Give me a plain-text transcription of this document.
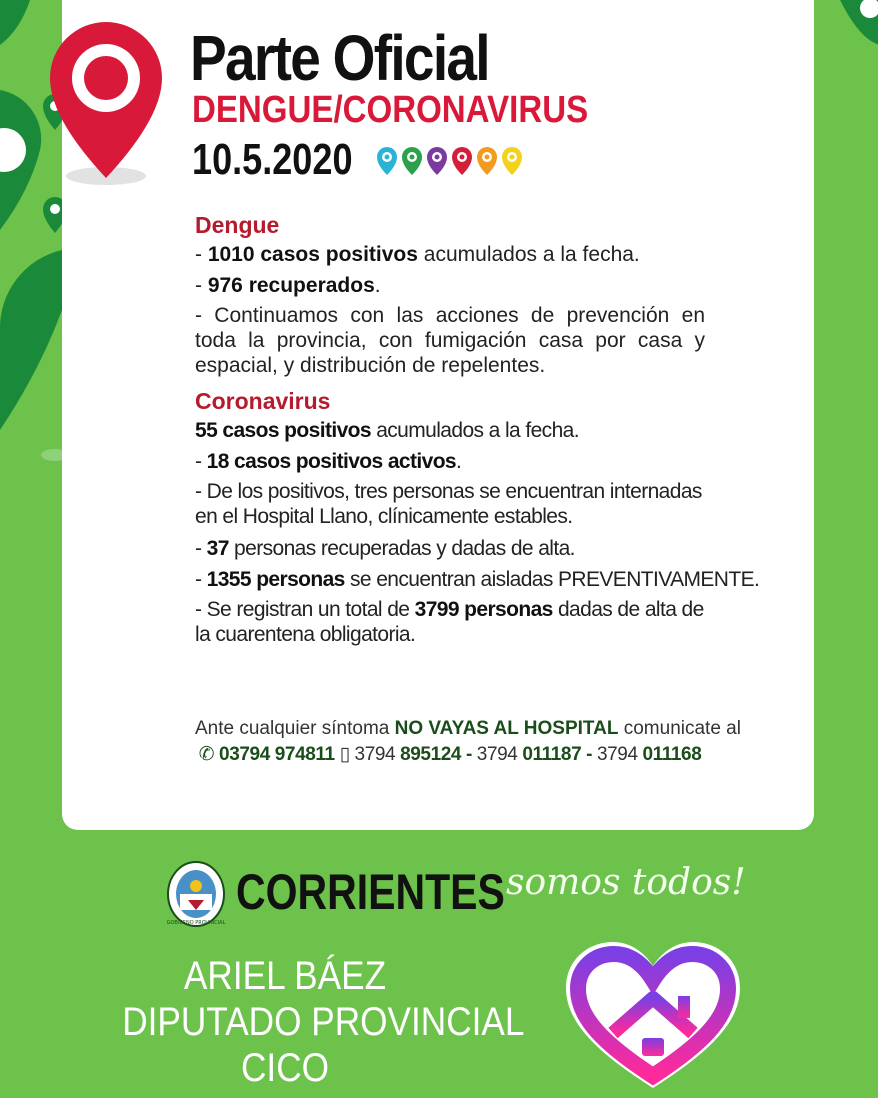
Parte Oficial
DENGUE/CORONAVIRUS
10.5.2020
Dengue
- 1010 casos positivos acumulados a la fecha.
- 976 recuperados.
- Continuamos con las acciones de prevención en toda la provincia, con fumigación casa por casa y espacial, y distribución de repelentes.
Coronavirus
55 casos positivos acumulados a la fecha.
- 18 casos positivos activos.
- De los positivos, tres personas se encuentran internadas en el Hospital Llano, clínicamente estables.
- 37 personas recuperadas y dadas de alta.
- 1355 personas se encuentran aisladas PREVENTIVAMENTE.
- Se registran un total de 3799 personas dadas de alta de la cuarentena obligatoria.
Ante cualquier síntoma NO VAYAS AL HOSPITAL comunicate al
✆ 03794 974811 ▯ 3794 895124 - 3794 011187 - 3794 011168
GOBIERNO PROVINCIAL
CORRIENTES somos todos!
ARIEL BÁEZ
DIPUTADO PROVINCIAL
CICO
